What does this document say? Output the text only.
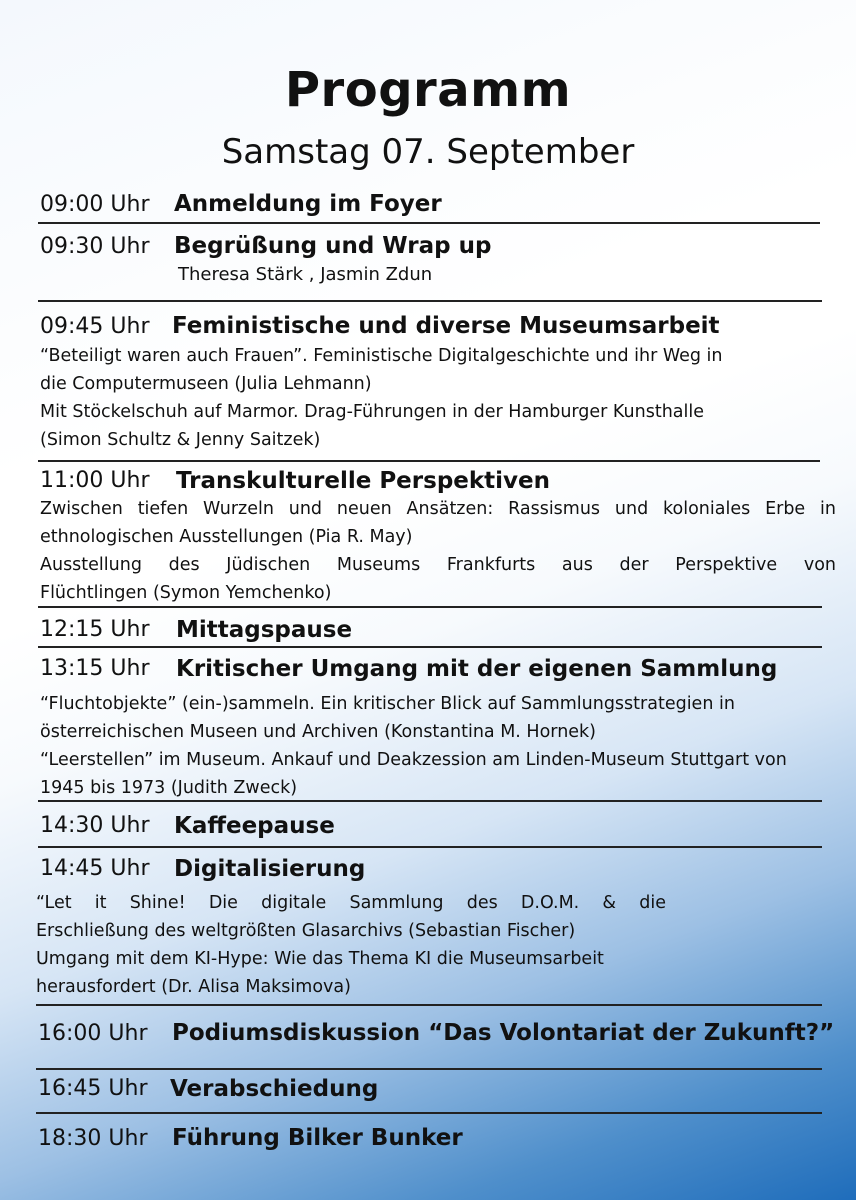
Programm
Samstag 07. September
09:00 Uhr Anmeldung im Foyer
09:30 Uhr Begrüßung und Wrap up
Theresa Stärk , Jasmin Zdun
09:45 Uhr Feministische und diverse Museumsarbeit
“Beteiligt waren auch Frauen”. Feministische Digitalgeschichte und ihr Weg in
die Computermuseen (Julia Lehmann)
Mit Stöckelschuh auf Marmor. Drag-Führungen in der Hamburger Kunsthalle
(Simon Schultz & Jenny Saitzek)
11:00 Uhr Transkulturelle Perspektiven
Zwischen tiefen Wurzeln und neuen Ansätzen: Rassismus und koloniales Erbe in
ethnologischen Ausstellungen (Pia R. May)
Ausstellung des Jüdischen Museums Frankfurts aus der Perspektive von
Flüchtlingen (Symon Yemchenko)
12:15 Uhr Mittagspause
13:15 Uhr Kritischer Umgang mit der eigenen Sammlung
“Fluchtobjekte” (ein-)sammeln. Ein kritischer Blick auf Sammlungsstrategien in
österreichischen Museen und Archiven (Konstantina M. Hornek)
“Leerstellen” im Museum. Ankauf und Deakzession am Linden-Museum Stuttgart von
1945 bis 1973 (Judith Zweck)
14:30 Uhr Kaffeepause
14:45 Uhr Digitalisierung
“Let it Shine! Die digitale Sammlung des D.O.M. & die
Erschließung des weltgrößten Glasarchivs (Sebastian Fischer)
Umgang mit dem KI-Hype: Wie das Thema KI die Museumsarbeit
herausfordert (Dr. Alisa Maksimova)
16:00 Uhr Podiumsdiskussion “Das Volontariat der Zukunft?”
16:45 Uhr Verabschiedung
18:30 Uhr Führung Bilker Bunker
